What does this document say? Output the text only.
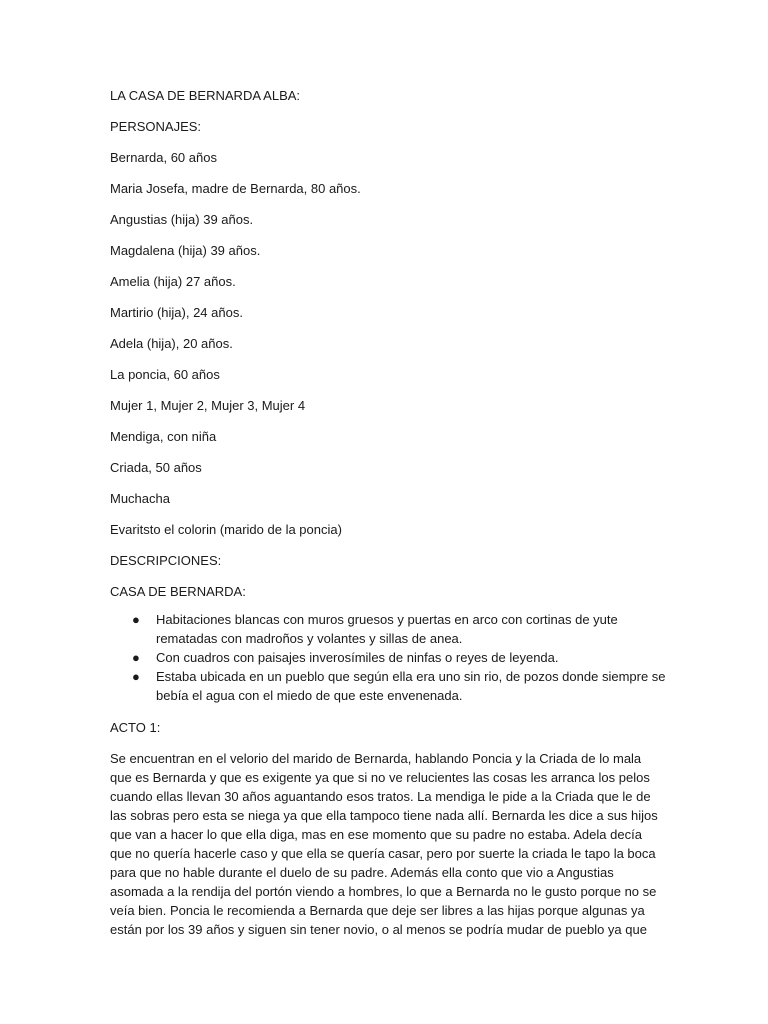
LA CASA DE BERNARDA ALBA:

PERSONAJES:

Bernarda, 60 años

Maria Josefa, madre de Bernarda, 80 años.

Angustias (hija) 39 años.

Magdalena (hija) 39 años.

Amelia (hija) 27 años.

Martirio (hija), 24 años.

Adela (hija), 20 años.

La poncia, 60 años

Mujer 1, Mujer 2, Mujer 3, Mujer 4

Mendiga, con niña

Criada, 50 años

Muchacha

Evaritsto el colorin (marido de la poncia)

DESCRIPCIONES:

CASA DE BERNARDA:

● Habitaciones blancas con muros gruesos y puertas en arco con cortinas de yute
rematadas con madroños y volantes y sillas de anea.
● Con cuadros con paisajes inverosímiles de ninfas o reyes de leyenda.
● Estaba ubicada en un pueblo que según ella era uno sin rio, de pozos donde siempre se
bebía el agua con el miedo de que este envenenada.

ACTO 1:

Se encuentran en el velorio del marido de Bernarda, hablando Poncia y la Criada de lo mala
que es Bernarda y que es exigente ya que si no ve relucientes las cosas les arranca los pelos
cuando ellas llevan 30 años aguantando esos tratos. La mendiga le pide a la Criada que le de
las sobras pero esta se niega ya que ella tampoco tiene nada allí. Bernarda les dice a sus hijos
que van a hacer lo que ella diga, mas en ese momento que su padre no estaba. Adela decía
que no quería hacerle caso y que ella se quería casar, pero por suerte la criada le tapo la boca
para que no hable durante el duelo de su padre. Además ella conto que vio a Angustias
asomada a la rendija del portón viendo a hombres, lo que a Bernarda no le gusto porque no se
veía bien. Poncia le recomienda a Bernarda que deje ser libres a las hijas porque algunas ya
están por los 39 años y siguen sin tener novio, o al menos se podría mudar de pueblo ya que
